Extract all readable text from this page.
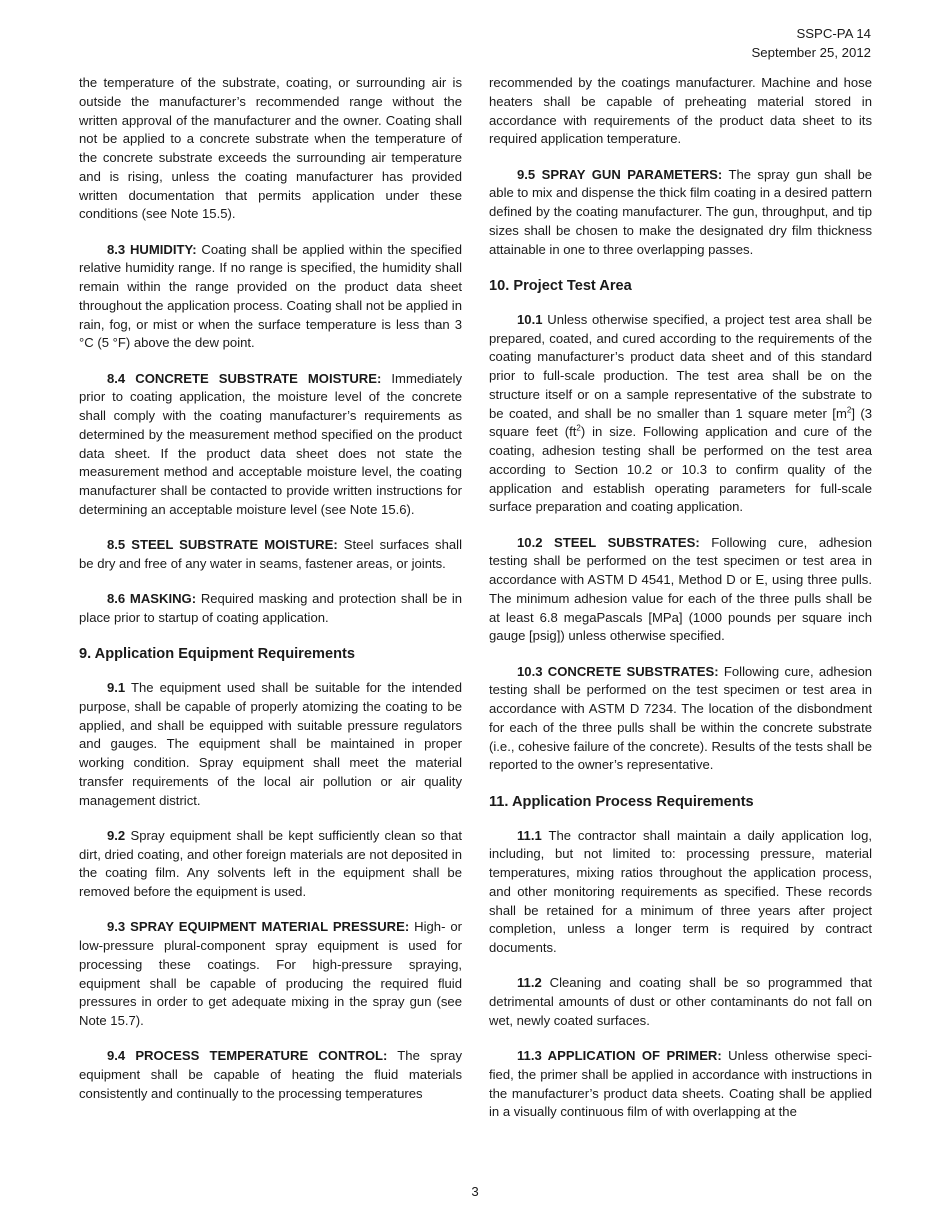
SSPC-PA 14
September 25, 2012

the temperature of the substrate, coating, or surrounding air is outside the manufacturer’s recommended range without the written approval of the manufacturer and the owner. Coating shall not be applied to a concrete substrate when the temperature of the concrete substrate exceeds the surrounding air temperature and is rising, unless the coating manufacturer has provided written documentation that permits application under these conditions (see Note 15.5).

8.3 HUMIDITY: Coating shall be applied within the specified relative humidity range. If no range is specified, the humidity shall remain within the range provided on the product data sheet throughout the application process. Coating shall not be applied in rain, fog, or mist or when the surface temperature is less than 3 °C (5 °F) above the dew point.

8.4 CONCRETE SUBSTRATE MOISTURE: Immediately prior to coating application, the moisture level of the concrete shall comply with the coating manufacturer’s requirements as determined by the measurement method specified on the product data sheet. If the product data sheet does not state the measurement method and acceptable moisture level, the coating manufacturer shall be contacted to provide written instructions for determining an acceptable moisture level (see Note 15.6).

8.5 STEEL SUBSTRATE MOISTURE: Steel surfaces shall be dry and free of any water in seams, fastener areas, or joints.

8.6 MASKING: Required masking and protection shall be in place prior to startup of coating application.

9. Application Equipment Requirements

9.1 The equipment used shall be suitable for the intended purpose, shall be capable of properly atomizing the coating to be applied, and shall be equipped with suitable pressure regulators and gauges. The equipment shall be maintained in proper working condition. Spray equipment shall meet the material transfer requirements of the local air pollution or air quality management district.

9.2 Spray equipment shall be kept sufficiently clean so that dirt, dried coating, and other foreign materials are not deposited in the coating film. Any solvents left in the equipment shall be removed before the equipment is used.

9.3 SPRAY EQUIPMENT MATERIAL PRESSURE: High- or low-pressure plural-component spray equipment is used for processing these coatings. For high-pressure spraying, equipment shall be capable of producing the required fluid pressures in order to get adequate mixing in the spray gun (see Note 15.7).

9.4 PROCESS TEMPERATURE CONTROL: The spray equipment shall be capable of heating the fluid materials consistently and continually to the processing temperatures

recommended by the coatings manufacturer. Machine and hose heaters shall be capable of preheating material stored in accordance with requirements of the product data sheet to its required application temperature.

9.5 SPRAY GUN PARAMETERS: The spray gun shall be able to mix and dispense the thick film coating in a desired pattern defined by the coating manufacturer. The gun, throughput, and tip sizes shall be chosen to make the designated dry film thickness attainable in one to three overlapping passes.

10. Project Test Area

10.1 Unless otherwise specified, a project test area shall be prepared, coated, and cured according to the requirements of the coating manufacturer’s product data sheet and of this standard prior to full-scale production. The test area shall be on the structure itself or on a sample representative of the substrate to be coated, and shall be no smaller than 1 square meter $[m^2]$ (3 square feet $(ft^2)$ in size. Following application and cure of the coating, adhesion testing shall be performed on the test area according to Section 10.2 or 10.3 to confirm quality of the application and establish operating parameters for full-scale surface preparation and coating application.

10.2 STEEL SUBSTRATES: Following cure, adhesion testing shall be performed on the test specimen or test area in accordance with ASTM D 4541, Method D or E, using three pulls. The minimum adhesion value for each of the three pulls shall be at least 6.8 megaPascals [MPa] (1000 pounds per square inch gauge [psig]) unless otherwise specified.

10.3 CONCRETE SUBSTRATES: Following cure, adhesion testing shall be performed on the test specimen or test area in accordance with ASTM D 7234. The location of the disbondment for each of the three pulls shall be within the concrete substrate (i.e., cohesive failure of the concrete). Results of the tests shall be reported to the owner’s representative.

11. Application Process Requirements

11.1 The contractor shall maintain a daily application log, including, but not limited to: processing pressure, material temperatures, mixing ratios throughout the application process, and other monitoring requirements as specified. These records shall be retained for a minimum of three years after project completion, unless a longer term is required by contract documents.

11.2 Cleaning and coating shall be so programmed that detrimental amounts of dust or other contaminants do not fall on wet, newly coated surfaces.

11.3 APPLICATION OF PRIMER: Unless otherwise specified, the primer shall be applied in accordance with instructions in the manufacturer’s product data sheets. Coating shall be applied in a visually continuous film of with overlapping at the

3
